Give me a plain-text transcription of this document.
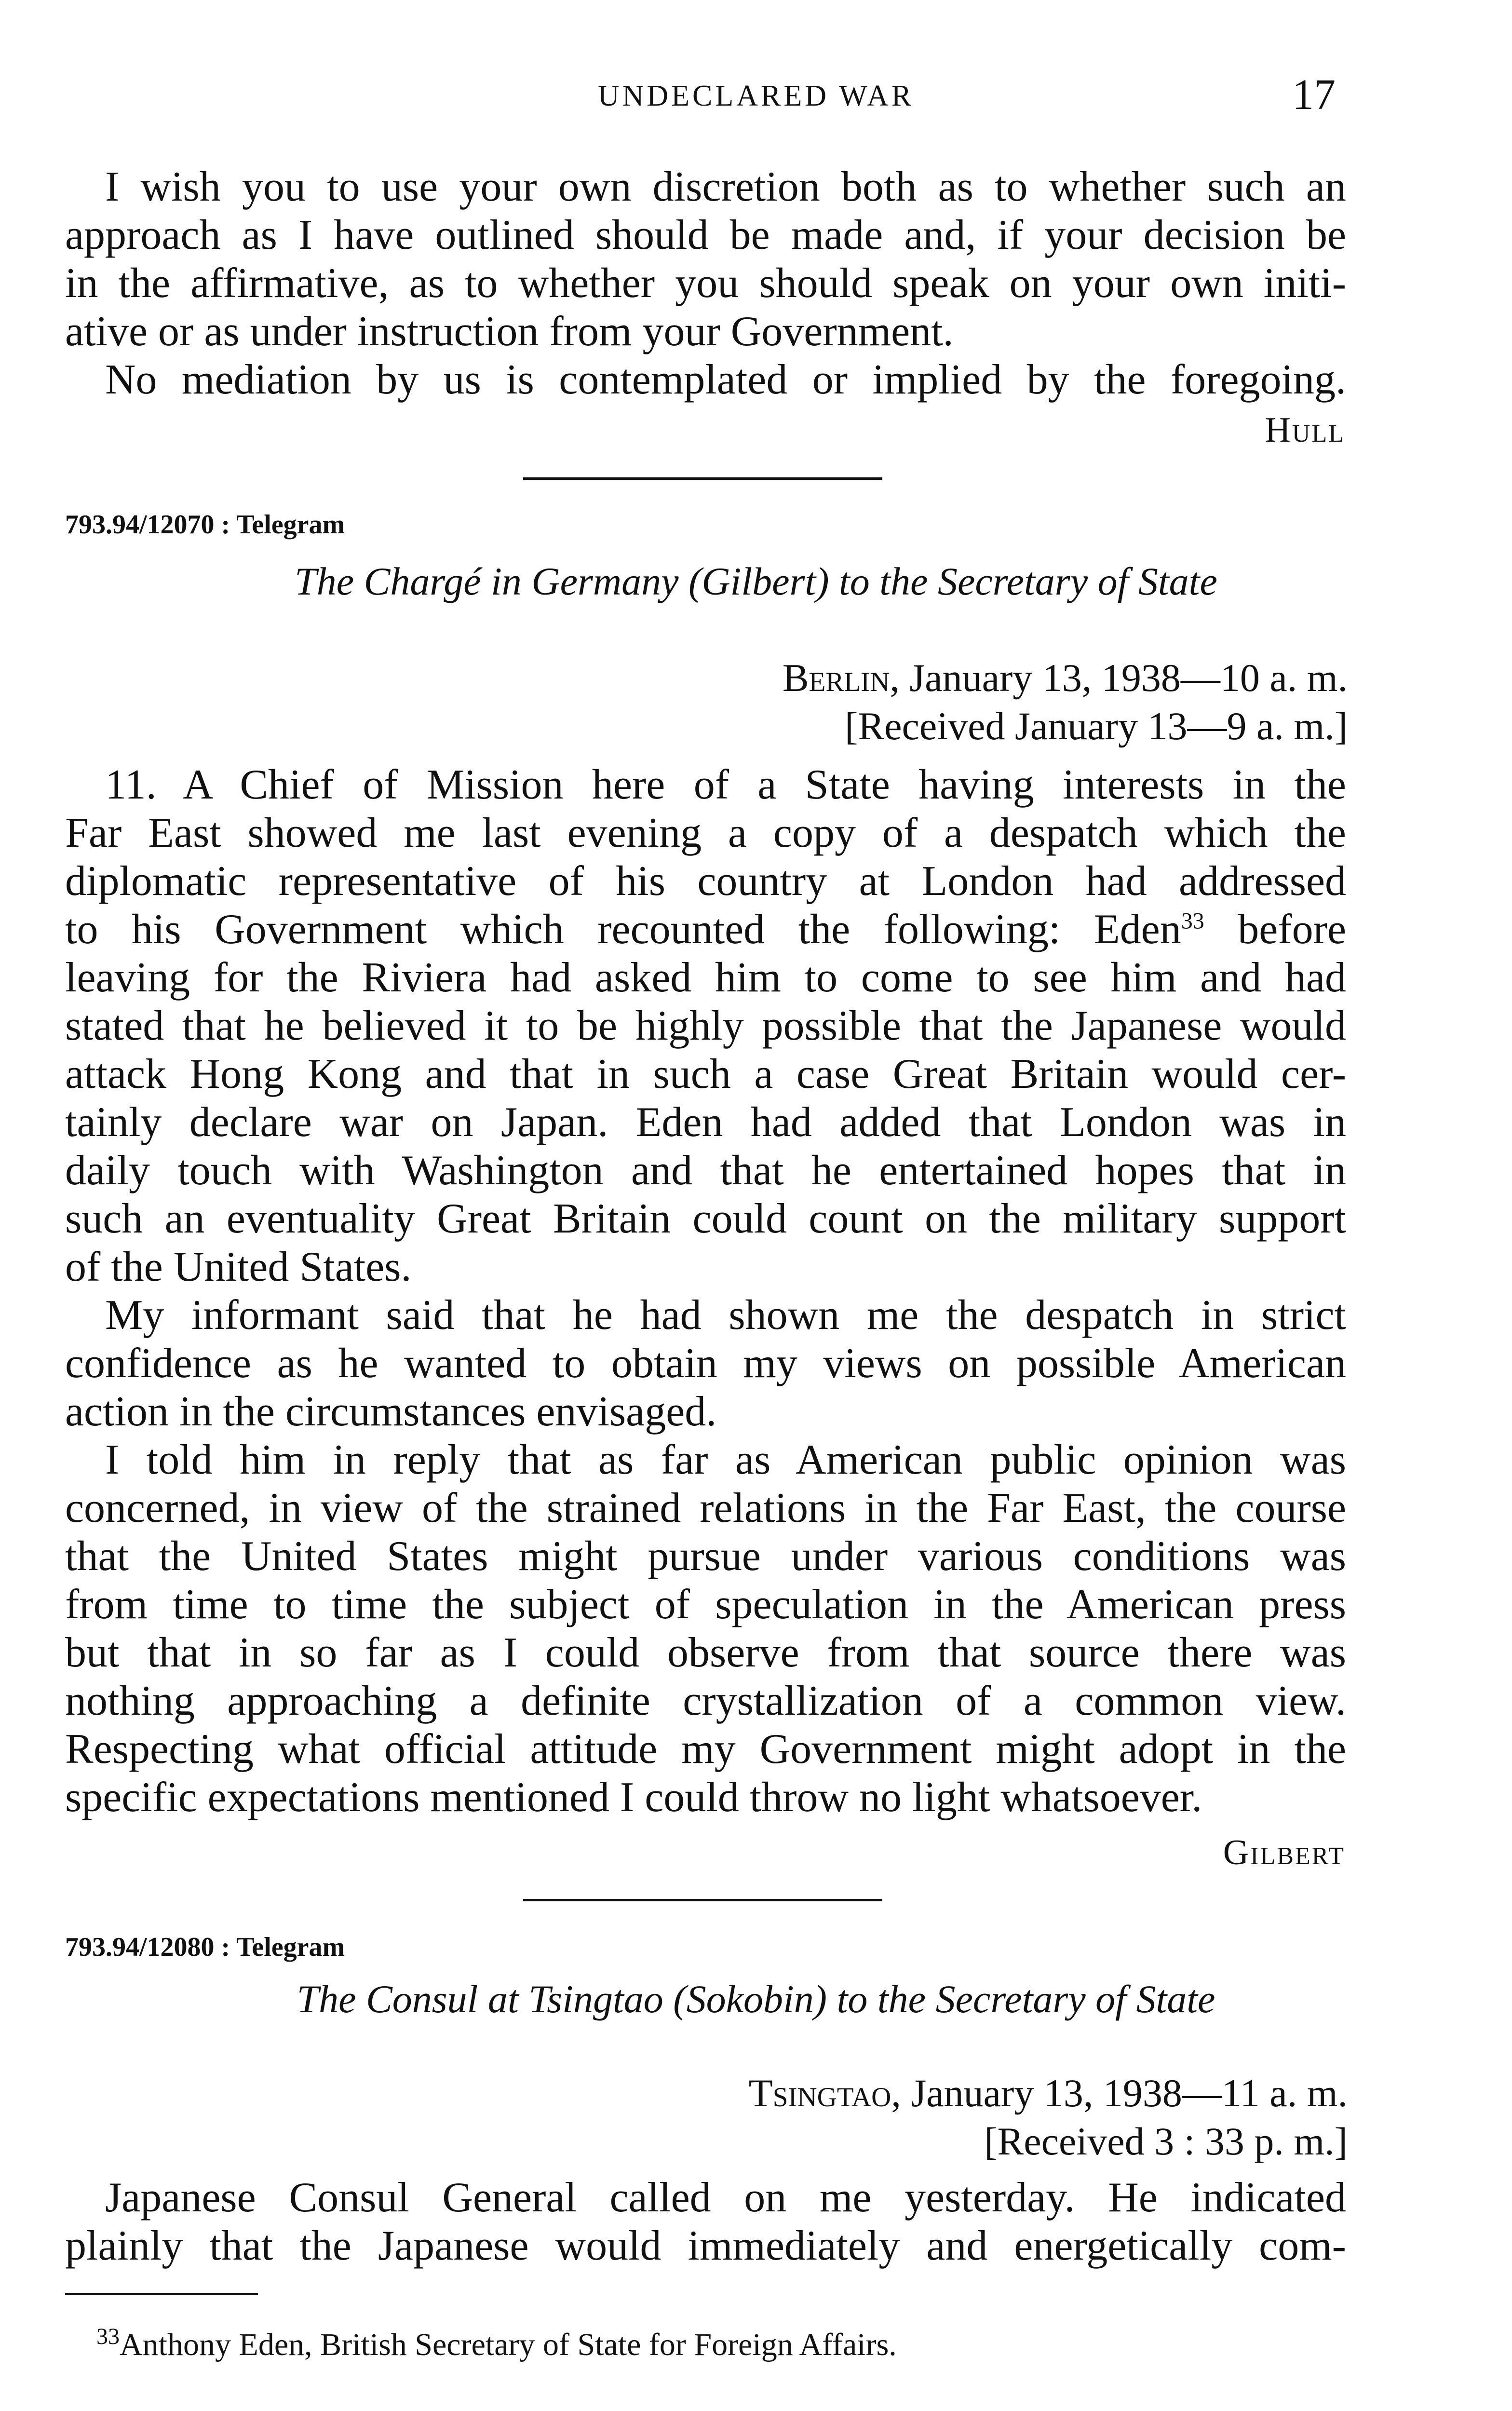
UNDECLARED WAR	17
I wish you to use your own discretion both as to whether such an
approach as I have outlined should be made and, if your decision be
in the affirmative, as to whether you should speak on your own initi-
ative or as under instruction from your Government.
No mediation by us is contemplated or implied by the foregoing.
Hull
793.94/12070 : Telegram
The Chargé in Germany (Gilbert) to the Secretary of State
Berlin, January 13, 1938—10 a. m.
[Received January 13—9 a. m.]
11. A Chief of Mission here of a State having interests in the
Far East showed me last evening a copy of a despatch which the
diplomatic representative of his country at London had addressed
to his Government which recounted the following: Eden$^{33}$ before
leaving for the Riviera had asked him to come to see him and had
stated that he believed it to be highly possible that the Japanese would
attack Hong Kong and that in such a case Great Britain would cer-
tainly declare war on Japan. Eden had added that London was in
daily touch with Washington and that he entertained hopes that in
such an eventuality Great Britain could count on the military support
of the United States.
My informant said that he had shown me the despatch in strict
confidence as he wanted to obtain my views on possible American
action in the circumstances envisaged.
I told him in reply that as far as American public opinion was
concerned, in view of the strained relations in the Far East, the course
that the United States might pursue under various conditions was
from time to time the subject of speculation in the American press
but that in so far as I could observe from that source there was
nothing approaching a definite crystallization of a common view.
Respecting what official attitude my Government might adopt in the
specific expectations mentioned I could throw no light whatsoever.
Gilbert
793.94/12080 : Telegram
The Consul at Tsingtao (Sokobin) to the Secretary of State
Tsingtao, January 13, 1938—11 a. m.
[Received 3 : 33 p. m.]
Japanese Consul General called on me yesterday. He indicated
plainly that the Japanese would immediately and energetically com-
$^{33}$Anthony Eden, British Secretary of State for Foreign Affairs.
